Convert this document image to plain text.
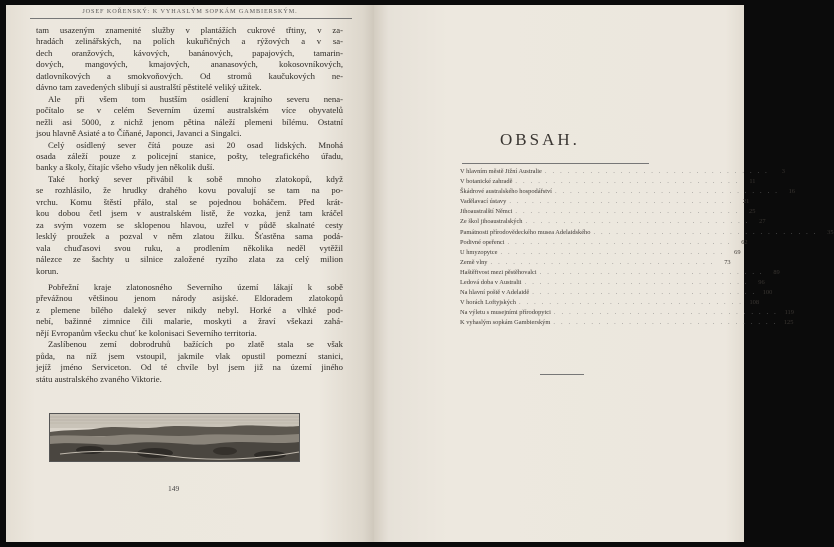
JOSEF KOŘENSKÝ: K VYHASLÝM SOPKÁM GAMBIERSKÝM.
tam usazeným znamenité služby v plantážích cukrové třtiny, v za-
hradách zelinářských, na polích kukuřičných a rýžových a v sa-
dech oranžových, kávových, banánových, papajových, tamarin-
dových, mangových, kmajových, ananasových, kokosovníkových,
datlovníkových a smokvoňových. Od stromů kaučukových ne-
dávno tam zavedených slibují si australští pěstitelé veliký užitek.
Ale při všem tom hustším osídlení krajního severu nena-
počítalo se v celém Severním území australském více obyvatelů
nežli asi 5000, z nichž jenom pětina náleží plemeni bílému. Ostatní
jsou hlavně Asiaté a to Číňané, Japonci, Javanci a Singalci.
Celý osídlený sever čítá pouze asi 20 osad lidských. Mnohá
osada záleží pouze z policejní stanice, pošty, telegrafického úřadu,
banky a školy, čítajíc všeho všudy jen několik duší.
Také horký sever přivábil k sobě mnoho zlatokopů, když
se rozhlásilo, že hrudky drahého kovu povalují se tam na po-
vrchu. Komu štěstí přálo, stal se pojednou boháčem. Před krát-
kou dobou četl jsem v australském listě, že vozka, jenž tam kráčel
za svým vozem se sklopenou hlavou, uzřel v půdě skalnaté cesty
lesklý proužek a pozval v něm zlatou žilku. Šťastěna sama podá-
vala chuďasovi svou ruku, a prodlením několika neděl vytěžil
nálezce ze šachty u silnice založené ryzího zlata za celý milion
korun.
Pobřežní kraje zlatonosného Severního území lákají k sobě
převážnou většinou jenom národy asijské. Eldoradem zlatokopů
z plemene bílého daleký sever nikdy nebyl. Horké a vlhké pod-
nebí, bažinné zimnice čili malarie, moskyti a žraví všekazi zahá-
nějí Evropanům všecku chuť ke kolonisaci Severního territoria.
Zaslíbenou zemí dobrodruhů bažících po zlatě stala se však
půda, na níž jsem vstoupil, jakmile vlak opustil pomezní stanici,
jejíž jméno Serviceton. Od té chvíle byl jsem již na území jiného
státu australského zvaného Viktorie.
149
OBSAH.
V hlavním městě Jižní Australie . . . . . . . . . . . . . . . . . . . . . . . . . . . . . .	3
V botanické zahradě . . . . . . . . . . . . . . . . . . . . . . . . . . . . . .	11
Škádrové australského hospodářství . . . . . . . . . . . . . . . . . . . . . . . . . . . . . .	16
Vadělavací ústavy . . . . . . . . . . . . . . . . . . . . . . . . . . . . . .	21
Jihoaustralští Němci . . . . . . . . . . . . . . . . . . . . . . . . . . . . . .	25
Ze škol jihoaustralských . . . . . . . . . . . . . . . . . . . . . . . . . . . . . .	27
Památnosti přírodovědeckého musea Adelaidského . . . . . . . . . . . . . . . . . . . . . . . . . . . . . .	35
Podivné opeřenci . . . . . . . . . . . . . . . . . . . . . . . . . . . . . .	62
U hmyzopytce . . . . . . . . . . . . . . . . . . . . . . . . . . . . . .	69
Země vlny . . . . . . . . . . . . . . . . . . . . . . . . . . . . . .	73
Haštěřivost mezi pěstěhovalci . . . . . . . . . . . . . . . . . . . . . . . . . . . . . .	89
Ledová doba v Australii . . . . . . . . . . . . . . . . . . . . . . . . . . . . . .	96
Na hlavní poště v Adelaidě . . . . . . . . . . . . . . . . . . . . . . . . . . . . . .	100
V horách Loftyjských . . . . . . . . . . . . . . . . . . . . . . . . . . . . . .	108
Na výletu s musejními přírodopytci . . . . . . . . . . . . . . . . . . . . . . . . . . . . . .	119
K vyhaslým sopkám Gambierským . . . . . . . . . . . . . . . . . . . . . . . . . . . . . .	125
